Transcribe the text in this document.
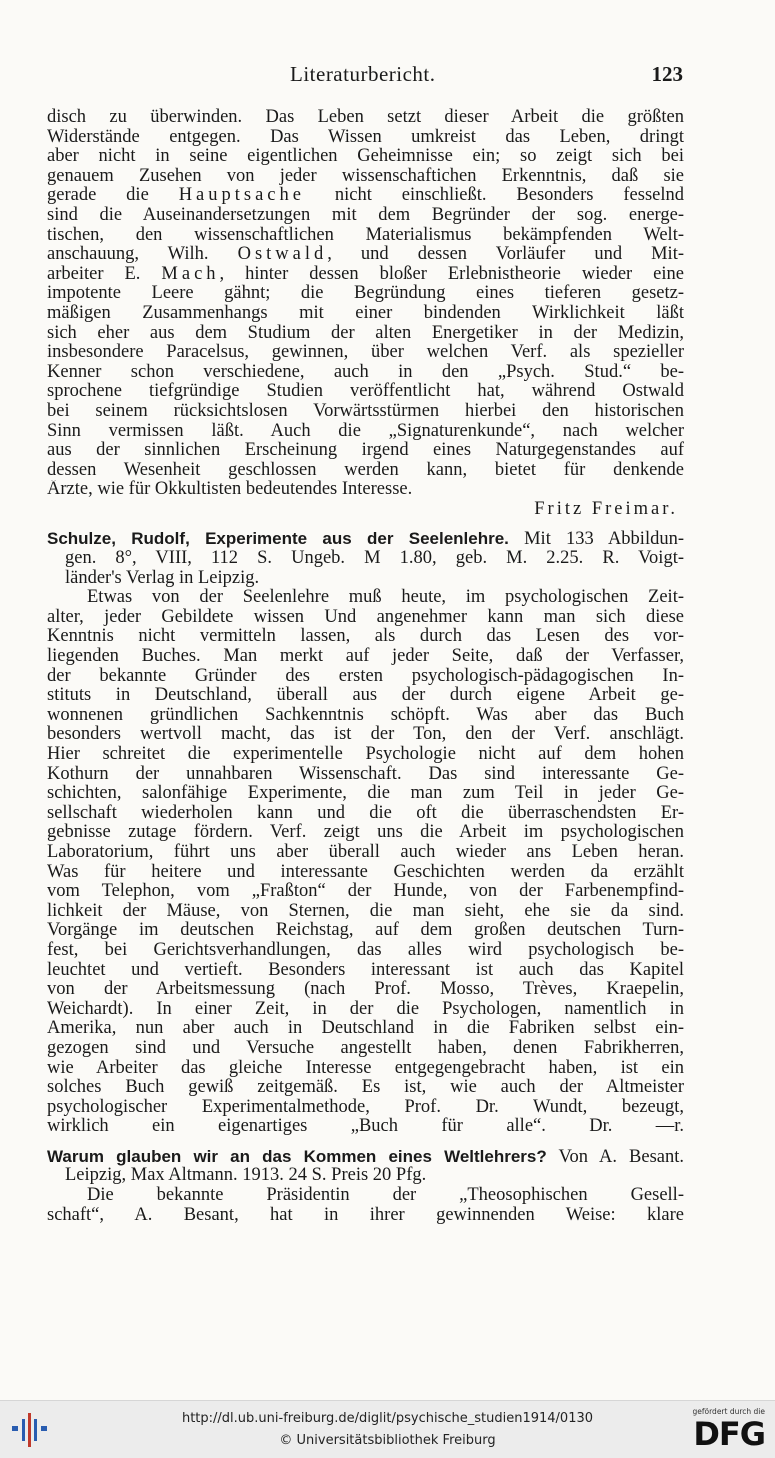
Literaturbericht.	123
disch zu überwinden. Das Leben setzt dieser Arbeit die größten
Widerstände entgegen. Das Wissen umkreist das Leben, dringt
aber nicht in seine eigentlichen Geheimnisse ein; so zeigt sich bei
genauem Zusehen von jeder wissenschaftichen Erkenntnis, daß sie
gerade die Hauptsache nicht einschließt. Besonders fesselnd
sind die Auseinandersetzungen mit dem Begründer der sog. energe-
tischen, den wissenschaftlichen Materialismus bekämpfenden Welt-
anschauung, Wilh. Ostwald, und dessen Vorläufer und Mit-
arbeiter E. Mach, hinter dessen bloßer Erlebnistheorie wieder eine
impotente Leere gähnt; die Begründung eines tieferen gesetz-
mäßigen Zusammenhangs mit einer bindenden Wirklichkeit läßt
sich eher aus dem Studium der alten Energetiker in der Medizin,
insbesondere Paracelsus, gewinnen, über welchen Verf. als spezieller
Kenner schon verschiedene, auch in den „Psych. Stud.“ be-
sprochene tiefgründige Studien veröffentlicht hat, während Ostwald
bei seinem rücksichtslosen Vorwärtsstürmen hierbei den historischen
Sinn vermissen läßt. Auch die „Signaturenkunde“, nach welcher
aus der sinnlichen Erscheinung irgend eines Naturgegenstandes auf
dessen Wesenheit geschlossen werden kann, bietet für denkende
Ärzte, wie für Okkultisten bedeutendes Interesse.
Fritz Freimar.
Schulze, Rudolf, Experimente aus der Seelenlehre. Mit 133 Abbildun-
gen. 8°, VIII, 112 S. Ungeb. M 1.80, geb. M. 2.25. R. Voigt-
länder's Verlag in Leipzig.
Etwas von der Seelenlehre muß heute, im psychologischen Zeit-
alter, jeder Gebildete wissen Und angenehmer kann man sich diese
Kenntnis nicht vermitteln lassen, als durch das Lesen des vor-
liegenden Buches. Man merkt auf jeder Seite, daß der Verfasser,
der bekannte Gründer des ersten psychologisch-pädagogischen In-
stituts in Deutschland, überall aus der durch eigene Arbeit ge-
wonnenen gründlichen Sachkenntnis schöpft. Was aber das Buch
besonders wertvoll macht, das ist der Ton, den der Verf. anschlägt.
Hier schreitet die experimentelle Psychologie nicht auf dem hohen
Kothurn der unnahbaren Wissenschaft. Das sind interessante Ge-
schichten, salonfähige Experimente, die man zum Teil in jeder Ge-
sellschaft wiederholen kann und die oft die überraschendsten Er-
gebnisse zutage fördern. Verf. zeigt uns die Arbeit im psychologischen
Laboratorium, führt uns aber überall auch wieder ans Leben heran.
Was für heitere und interessante Geschichten werden da erzählt
vom Telephon, vom „Fraßton“ der Hunde, von der Farbenempfind-
lichkeit der Mäuse, von Sternen, die man sieht, ehe sie da sind.
Vorgänge im deutschen Reichstag, auf dem großen deutschen Turn-
fest, bei Gerichtsverhandlungen, das alles wird psychologisch be-
leuchtet und vertieft. Besonders interessant ist auch das Kapitel
von der Arbeitsmessung (nach Prof. Mosso, Trèves, Kraepelin,
Weichardt). In einer Zeit, in der die Psychologen, namentlich in
Amerika, nun aber auch in Deutschland in die Fabriken selbst ein-
gezogen sind und Versuche angestellt haben, denen Fabrikherren,
wie Arbeiter das gleiche Interesse entgegengebracht haben, ist ein
solches Buch gewiß zeitgemäß. Es ist, wie auch der Altmeister
psychologischer Experimentalmethode, Prof. Dr. Wundt, bezeugt,
wirklich ein eigenartiges „Buch für alle“. Dr. —r.
Warum glauben wir an das Kommen eines Weltlehrers? Von A. Besant.
Leipzig, Max Altmann. 1913. 24 S. Preis 20 Pfg.
Die bekannte Präsidentin der „Theosophischen Gesell-
schaft“, A. Besant, hat in ihrer gewinnenden Weise: klare
http://dl.ub.uni-freiburg.de/diglit/psychische_studien1914/0130
© Universitätsbibliothek Freiburg
gefördert durch die
DFG
